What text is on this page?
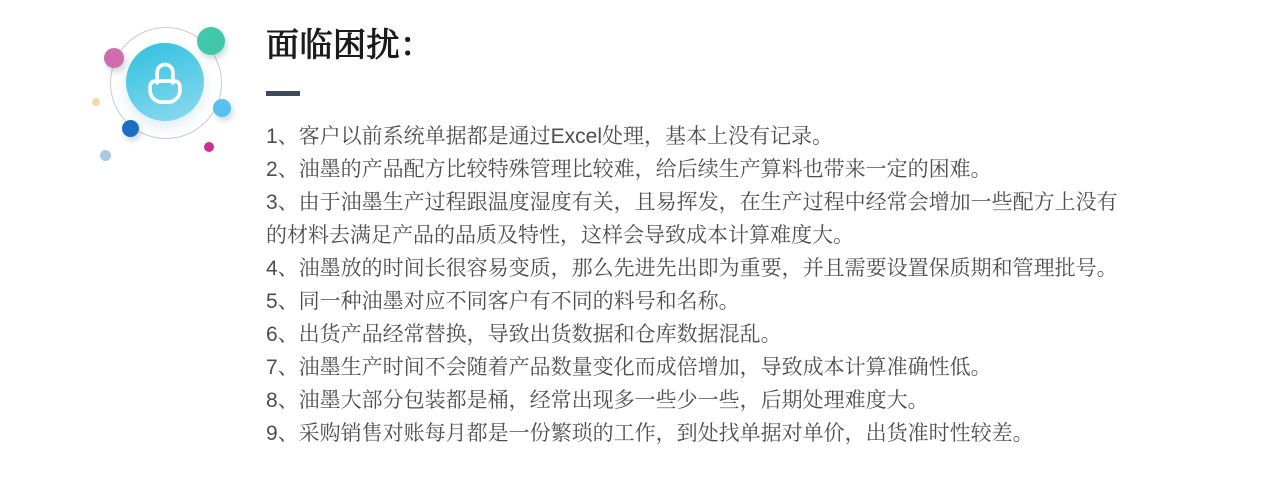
面临困扰：
1、客户以前系统单据都是通过Excel处理，基本上没有记录。
2、油墨的产品配方比较特殊管理比较难，给后续生产算料也带来一定的困难。
3、由于油墨生产过程跟温度湿度有关，且易挥发，在生产过程中经常会增加一些配方上没有的材料去满足产品的品质及特性，这样会导致成本计算难度大。
4、油墨放的时间长很容易变质，那么先进先出即为重要，并且需要设置保质期和管理批号。
5、同一种油墨对应不同客户有不同的料号和名称。
6、出货产品经常替换，导致出货数据和仓库数据混乱。
7、油墨生产时间不会随着产品数量变化而成倍增加，导致成本计算准确性低。
8、油墨大部分包装都是桶，经常出现多一些少一些，后期处理难度大。
9、采购销售对账每月都是一份繁琐的工作，到处找单据对单价，出货准时性较差。
